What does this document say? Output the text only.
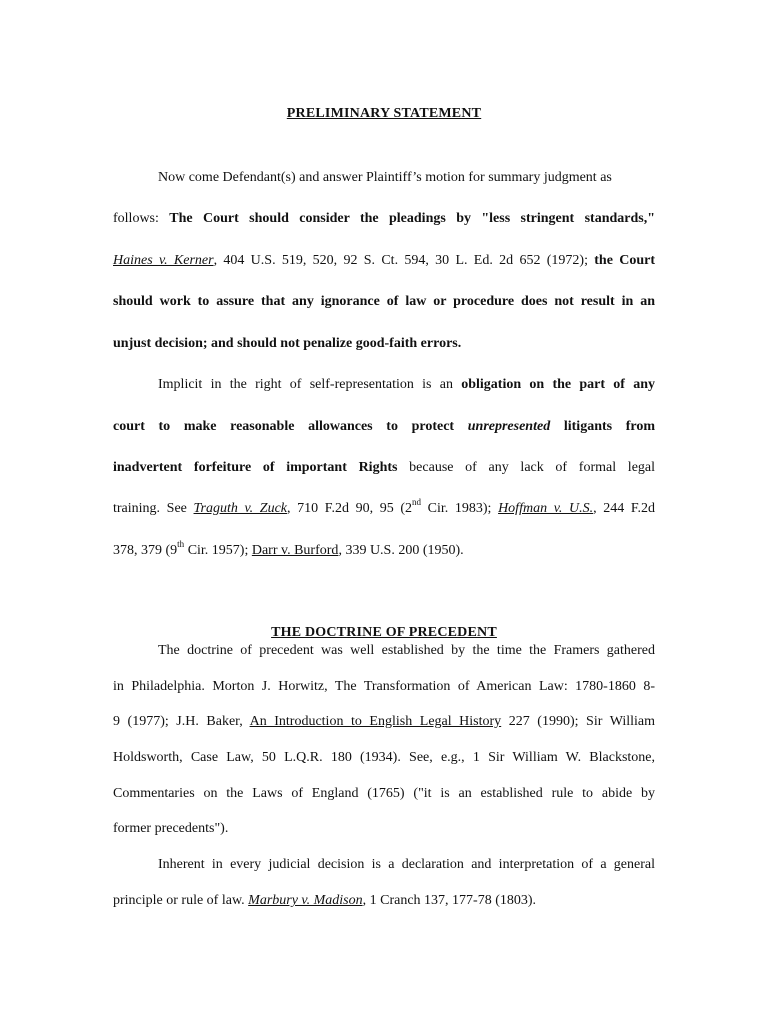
PRELIMINARY STATEMENT
Now come Defendant(s) and answer Plaintiff’s motion for summary judgment as
follows: The Court should consider the pleadings by "less stringent standards,"
Haines v. Kerner, 404 U.S. 519, 520, 92 S. Ct. 594, 30 L. Ed. 2d 652 (1972); the Court
should work to assure that any ignorance of law or procedure does not result in an
unjust decision; and should not penalize good-faith errors.
Implicit in the right of self-representation is an obligation on the part of any
court to make reasonable allowances to protect unrepresented litigants from
inadvertent forfeiture of important Rights because of any lack of formal legal
training. See Traguth v. Zuck, 710 F.2d 90, 95 (2nd Cir. 1983); Hoffman v. U.S., 244 F.2d
378, 379 (9th Cir. 1957); Darr v. Burford, 339 U.S. 200 (1950).
THE DOCTRINE OF PRECEDENT
The doctrine of precedent was well established by the time the Framers gathered
in Philadelphia. Morton J. Horwitz, The Transformation of American Law: 1780-1860 8-
9 (1977); J.H. Baker, An Introduction to English Legal History 227 (1990); Sir William
Holdsworth, Case Law, 50 L.Q.R. 180 (1934). See, e.g., 1 Sir William W. Blackstone,
Commentaries on the Laws of England (1765) ("it is an established rule to abide by
former precedents").
Inherent in every judicial decision is a declaration and interpretation of a general
principle or rule of law. Marbury v. Madison, 1 Cranch 137, 177-78 (1803).
